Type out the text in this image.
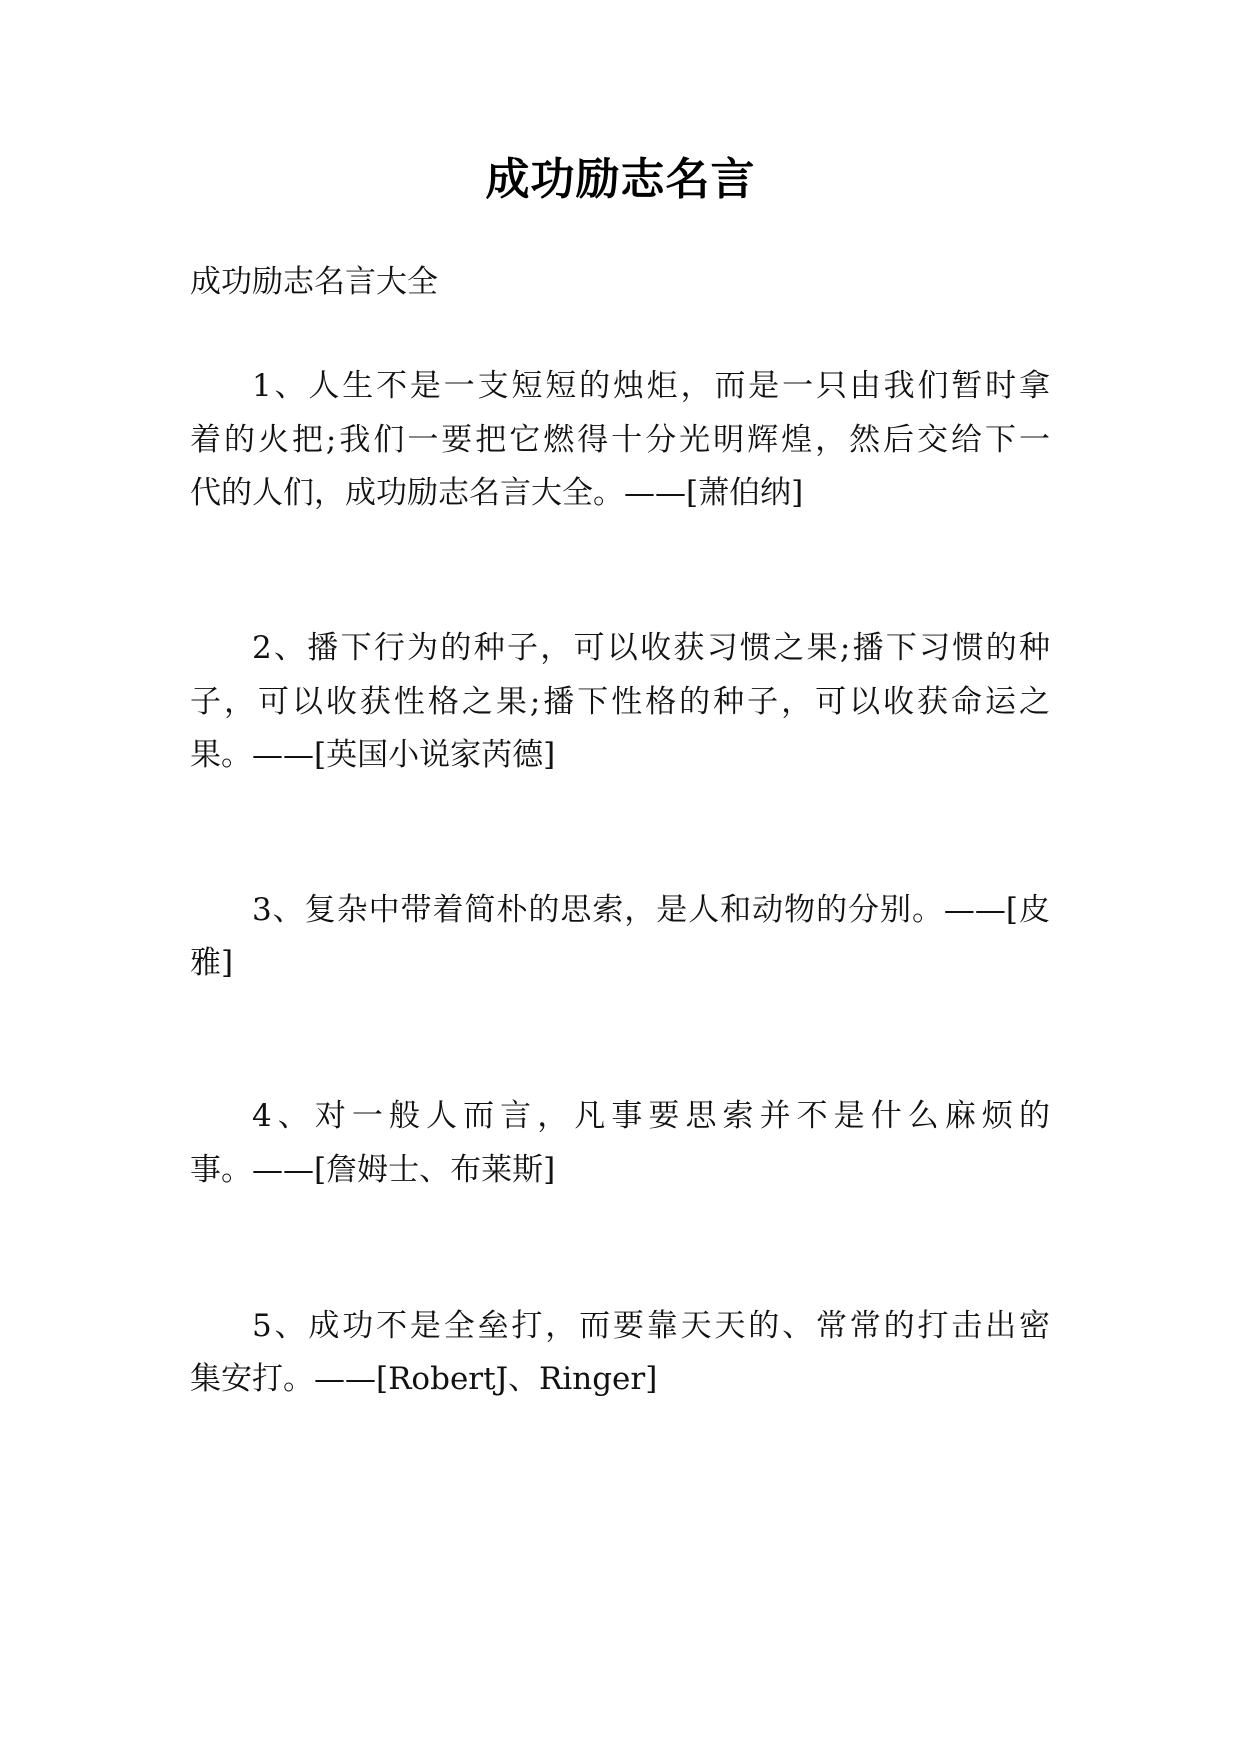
成功励志名言
成功励志名言大全
1、人生不是一支短短的烛炬，而是一只由我们暂时拿
着的火把;我们一要把它燃得十分光明辉煌，然后交给下一
代的人们，成功励志名言大全。——[萧伯纳]
2、播下行为的种子，可以收获习惯之果;播下习惯的种
子，可以收获性格之果;播下性格的种子，可以收获命运之
果。——[英国小说家芮德]
3、复杂中带着简朴的思索，是人和动物的分别。——[皮
雅]
4、对一般人而言，凡事要思索并不是什么麻烦的
事。——[詹姆士、布莱斯]
5、成功不是全垒打，而要靠天天的、常常的打击出密
集安打。——[RobertJ、Ringer]
